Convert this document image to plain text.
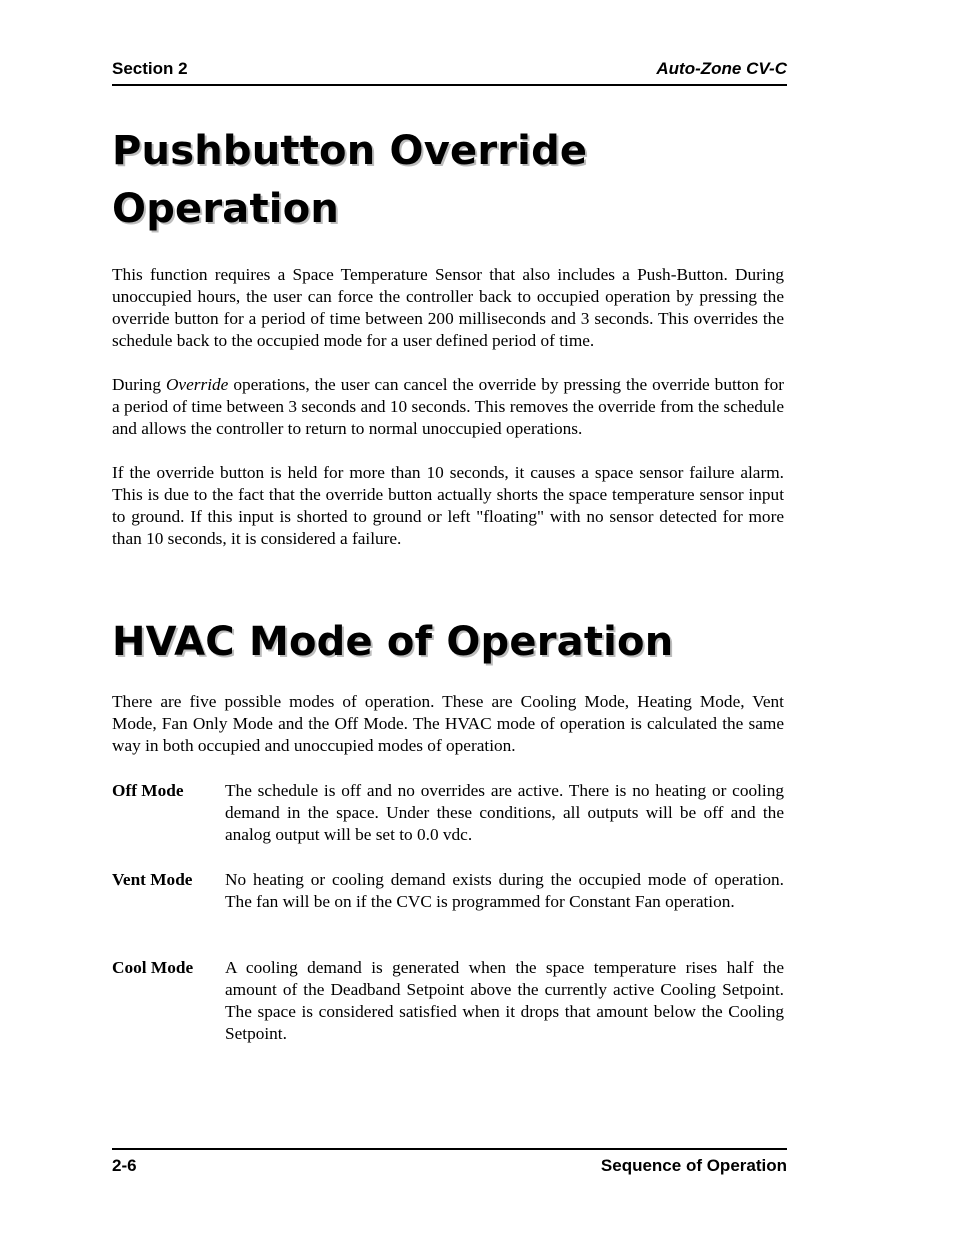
Section 2	Auto-Zone CV-C
Pushbutton Override Operation

This function requires a Space Temperature Sensor that also includes a Push-Button. During unoccupied hours, the user can force the controller back to occupied operation by pressing the override button for a period of time between 200 milliseconds and 3 seconds. This overrides the schedule back to the occupied mode for a user defined period of time.

During Override operations, the user can cancel the override by pressing the override button for a period of time between 3 seconds and 10 seconds. This removes the override from the schedule and allows the controller to return to normal unoccupied operations.

If the override button is held for more than 10 seconds, it causes a space sensor failure alarm. This is due to the fact that the override button actually shorts the space temperature sensor input to ground. If this input is shorted to ground or left "floating" with no sensor detected for more than 10 seconds, it is considered a failure.

HVAC Mode of Operation

There are five possible modes of operation. These are Cooling Mode, Heating Mode, Vent Mode, Fan Only Mode and the Off Mode. The HVAC mode of operation is calculated the same way in both occupied and unoccupied modes of operation.

Off Mode The schedule is off and no overrides are active. There is no heating or cooling demand in the space. Under these conditions, all outputs will be off and the analog output will be set to 0.0 vdc.

Vent Mode No heating or cooling demand exists during the occupied mode of operation. The fan will be on if the CVC is programmed for Constant Fan operation.

Cool Mode A cooling demand is generated when the space temperature rises half the amount of the Deadband Setpoint above the currently active Cooling Setpoint. The space is considered satisfied when it drops that amount below the Cooling Setpoint.

2-6	Sequence of Operation
